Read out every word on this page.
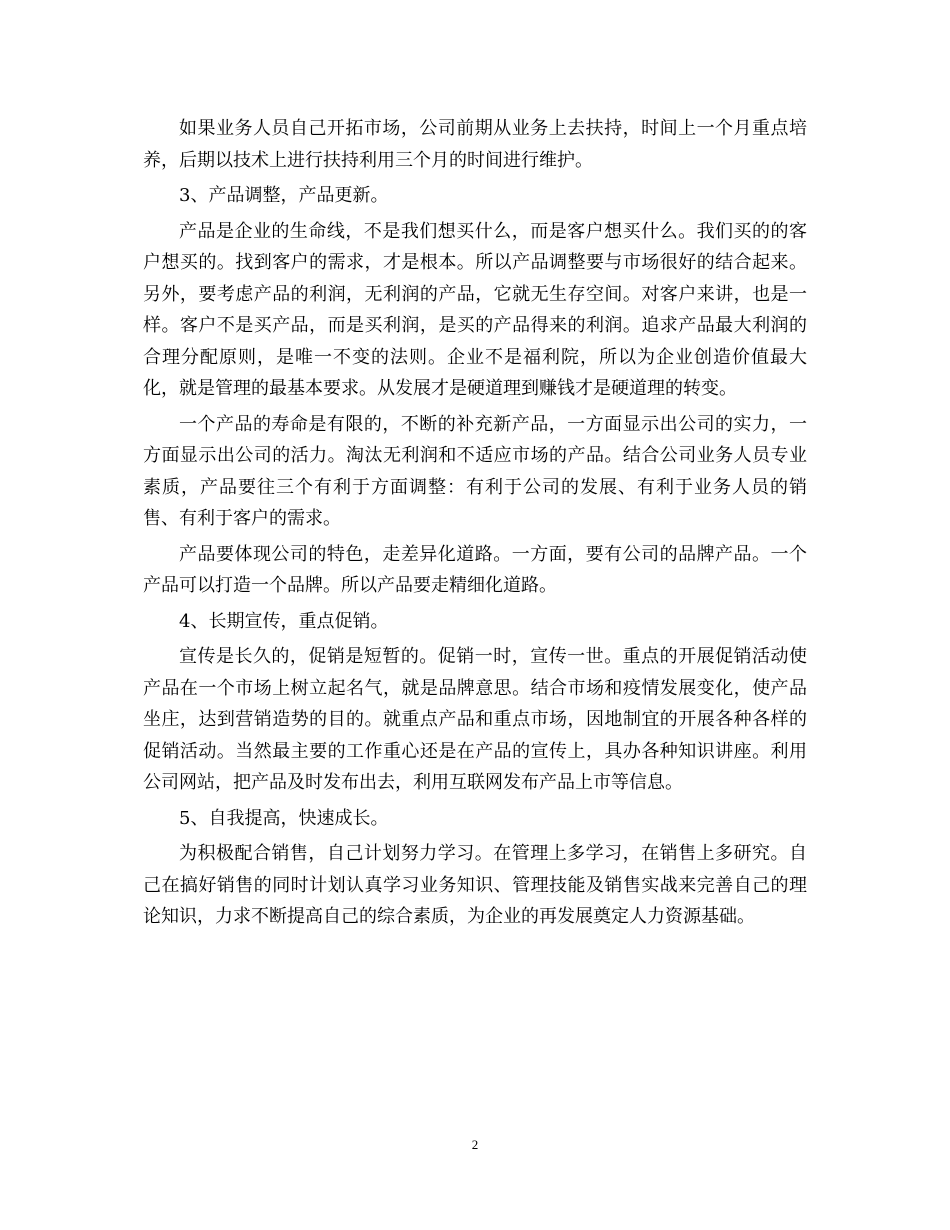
如果业务人员自己开拓市场，公司前期从业务上去扶持，时间上一个月重点培养，后期以技术上进行扶持利用三个月的时间进行维护。

3、产品调整，产品更新。

产品是企业的生命线，不是我们想买什么，而是客户想买什么。我们买的的客户想买的。找到客户的需求，才是根本。所以产品调整要与市场很好的结合起来。另外，要考虑产品的利润，无利润的产品，它就无生存空间。对客户来讲，也是一样。客户不是买产品，而是买利润，是买的产品得来的利润。追求产品最大利润的合理分配原则，是唯一不变的法则。企业不是福利院，所以为企业创造价值最大化，就是管理的最基本要求。从发展才是硬道理到赚钱才是硬道理的转变。

一个产品的寿命是有限的，不断的补充新产品，一方面显示出公司的实力，一方面显示出公司的活力。淘汰无利润和不适应市场的产品。结合公司业务人员专业素质，产品要往三个有利于方面调整：有利于公司的发展、有利于业务人员的销售、有利于客户的需求。

产品要体现公司的特色，走差异化道路。一方面，要有公司的品牌产品。一个产品可以打造一个品牌。所以产品要走精细化道路。

4、长期宣传，重点促销。

宣传是长久的，促销是短暂的。促销一时，宣传一世。重点的开展促销活动使产品在一个市场上树立起名气，就是品牌意思。结合市场和疫情发展变化，使产品坐庄，达到营销造势的目的。就重点产品和重点市场，因地制宜的开展各种各样的促销活动。当然最主要的工作重心还是在产品的宣传上，具办各种知识讲座。利用公司网站，把产品及时发布出去，利用互联网发布产品上市等信息。

5、自我提高，快速成长。

为积极配合销售，自己计划努力学习。在管理上多学习，在销售上多研究。自己在搞好销售的同时计划认真学习业务知识、管理技能及销售实战来完善自己的理论知识，力求不断提高自己的综合素质，为企业的再发展奠定人力资源基础。

2
